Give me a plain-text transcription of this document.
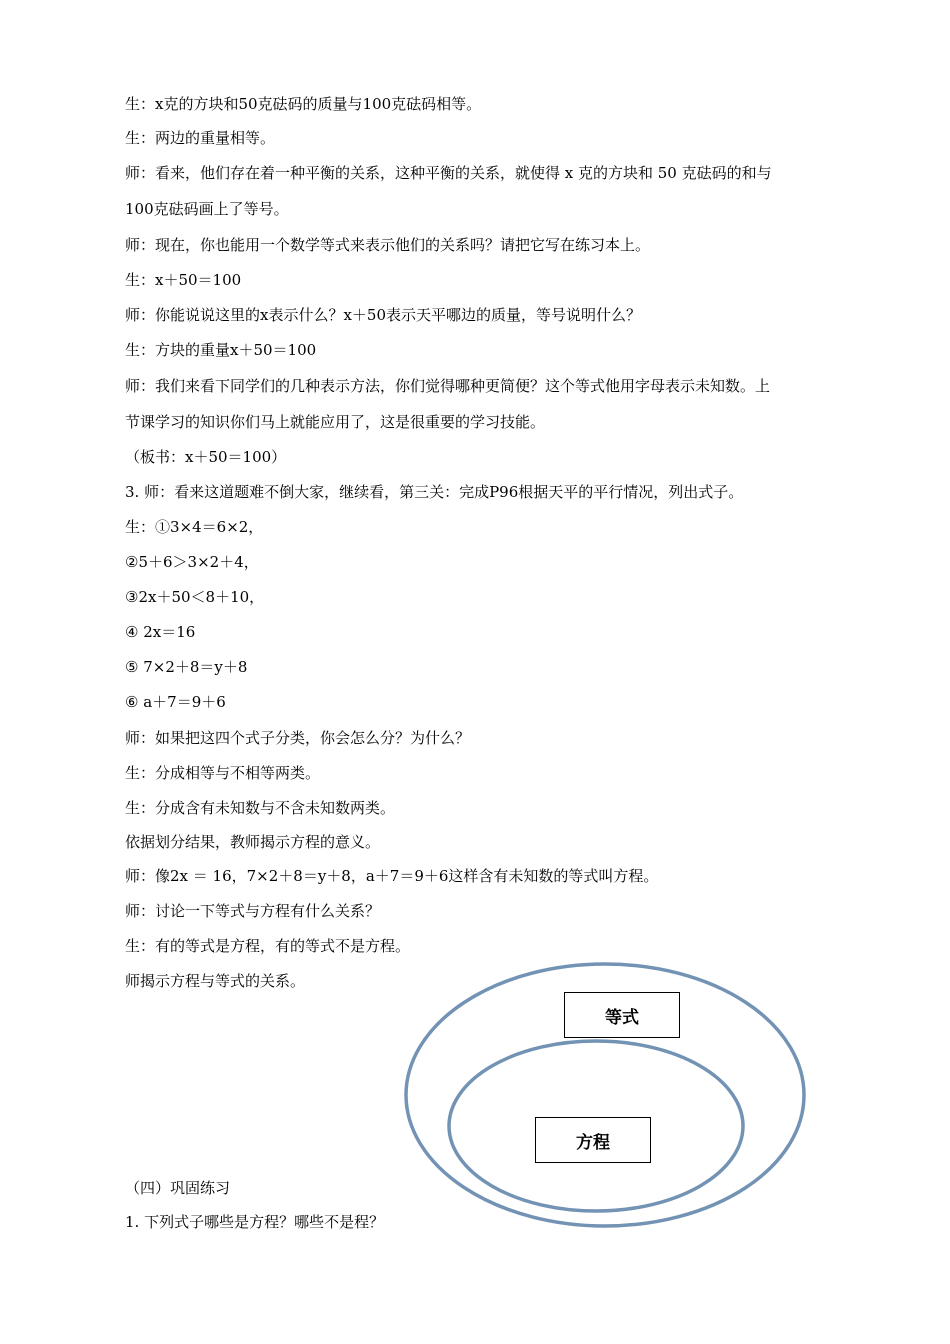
生：x克的方块和50克砝码的质量与100克砝码相等。
生：两边的重量相等。
师：看来，他们存在着一种平衡的关系，这种平衡的关系，就使得 x 克的方块和 50 克砝码的和与
100克砝码画上了等号。
师：现在，你也能用一个数学等式来表示他们的关系吗？请把它写在练习本上。
生：x＋50＝100
师：你能说说这里的x表示什么？x＋50表示天平哪边的质量，等号说明什么？
生：方块的重量x＋50＝100
师：我们来看下同学们的几种表示方法，你们觉得哪种更简便？这个等式他用字母表示未知数。上
节课学习的知识你们马上就能应用了，这是很重要的学习技能。
（板书：x＋50＝100）
3. 师：看来这道题难不倒大家，继续看，第三关：完成P96根据天平的平行情况，列出式子。
生：①3×4＝6×2，
②5＋6＞3×2＋4，
③2x＋50＜8＋10，
④ 2x＝16
⑤ 7×2＋8＝y＋8
⑥ a＋7＝9＋6
师：如果把这四个式子分类，你会怎么分？为什么？
生：分成相等与不相等两类。
生：分成含有未知数与不含未知数两类。
依据划分结果，教师揭示方程的意义。
师：像2x ＝ 16，7×2＋8＝y＋8，a＋7＝9＋6这样含有未知数的等式叫方程。
师：讨论一下等式与方程有什么关系？
生：有的等式是方程，有的等式不是方程。
师揭示方程与等式的关系。
（四）巩固练习
1. 下列式子哪些是方程？哪些不是程？
等式
方程
